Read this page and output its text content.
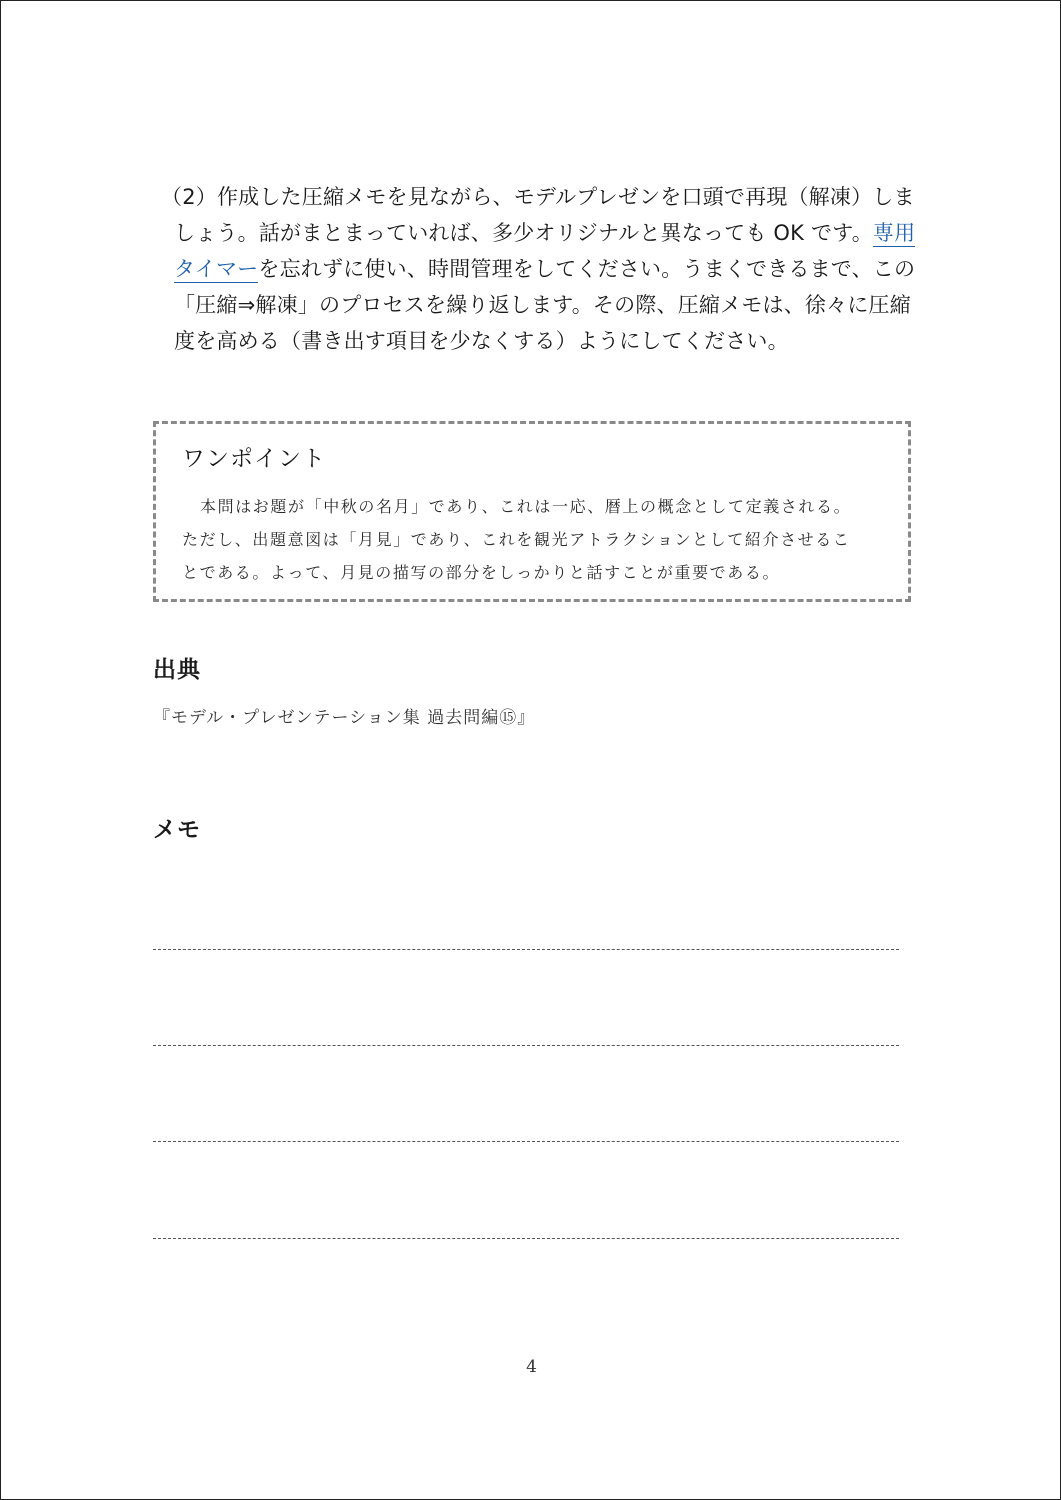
（2）作成した圧縮メモを見ながら、モデルプレゼンを口頭で再現（解凍）しま
しょう。話がまとまっていれば、多少オリジナルと異なっても OK です。専用
タイマーを忘れずに使い、時間管理をしてください。うまくできるまで、この
「圧縮⇒解凍」のプロセスを繰り返します。その際、圧縮メモは、徐々に圧縮
度を高める（書き出す項目を少なくする）ようにしてください。
ワンポイント
本問はお題が「中秋の名月」であり、これは一応、暦上の概念として定義される。
ただし、出題意図は「月見」であり、これを観光アトラクションとして紹介させるこ
とである。よって、月見の描写の部分をしっかりと話すことが重要である。
出典
『モデル・プレゼンテーション集 過去問編⑮』
メモ
4
